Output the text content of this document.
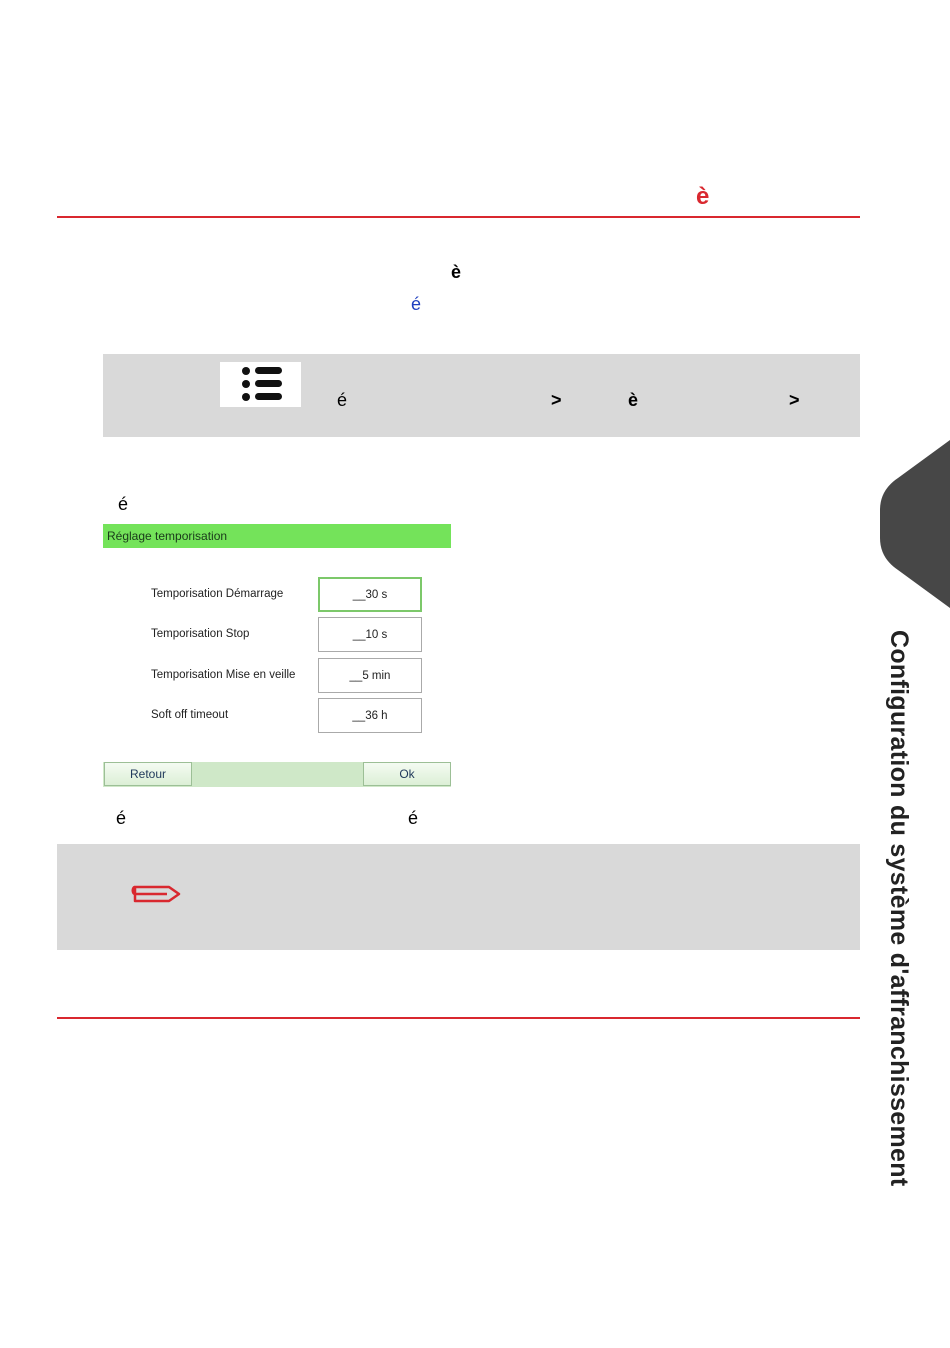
è
è
é
é	>	è	>
é
Réglage temporisation
Temporisation Démarrage	__30 s
Temporisation Stop	__10 s
Temporisation Mise en veille	__5 min
Soft off timeout	__36 h
Retour	Ok
é	é	Configuration du système d'affranchissement
